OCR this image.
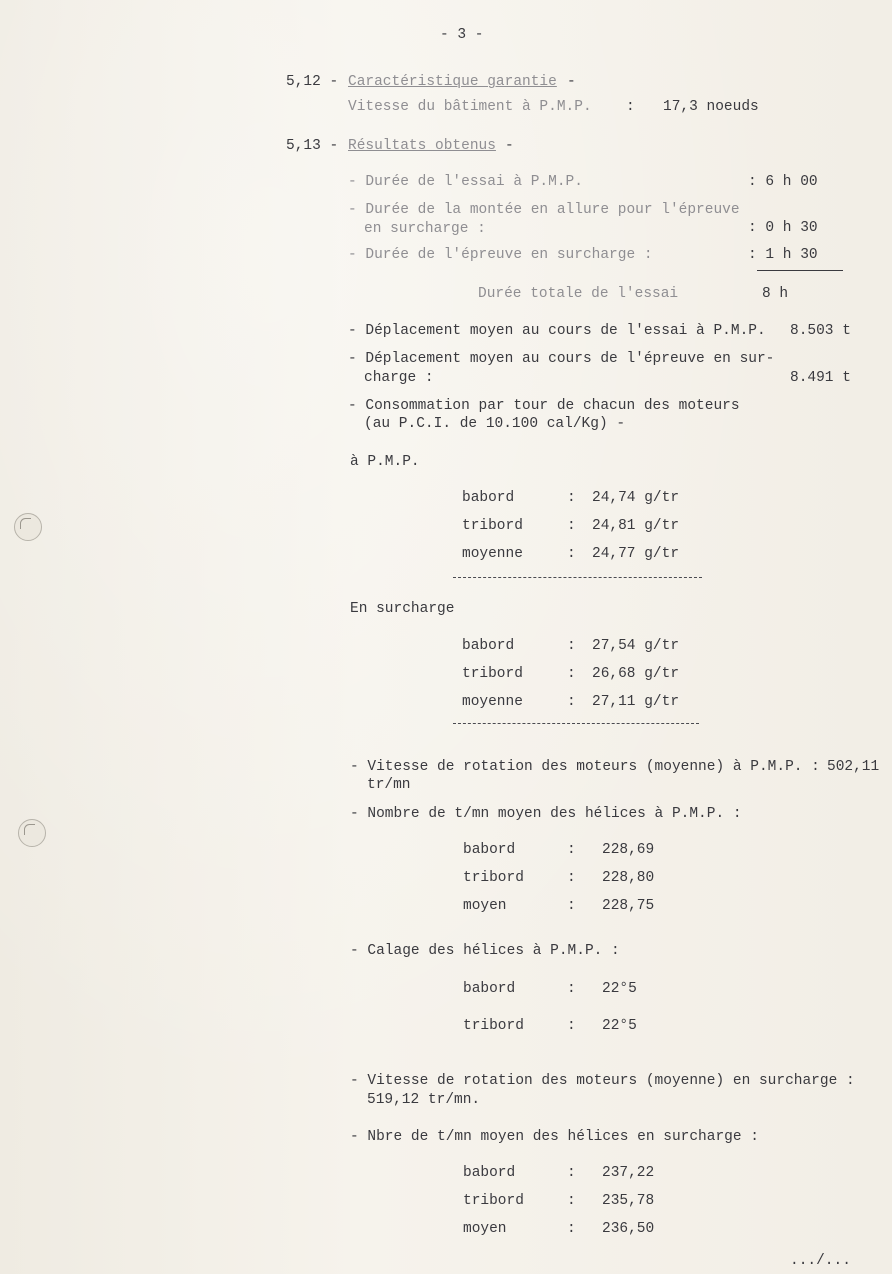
- 3 -
5,12 - Caractéristique garantie -
Vitesse du bâtiment à P.M.P. : 17,3 noeuds
5,13 - Résultats obtenus -
- Durée de l'essai à P.M.P.	: 6 h 00
- Durée de la montée en allure pour l'épreuve
en surcharge :	: 0 h 30
- Durée de l'épreuve en surcharge :	: 1 h 30
Durée totale de l'essai	8 h
- Déplacement moyen au cours de l'essai à P.M.P. 8.503 t
- Déplacement moyen au cours de l'épreuve en sur-
charge :	8.491 t
- Consommation par tour de chacun des moteurs
(au P.C.I. de 10.100 cal/Kg) -
à P.M.P.
babord	: 24,74 g/tr
tribord	: 24,81 g/tr
moyenne	: 24,77 g/tr
En surcharge
babord	: 27,54 g/tr
tribord	: 26,68 g/tr
moyenne	: 27,11 g/tr
- Vitesse de rotation des moteurs (moyenne) à P.M.P. : 502,11
tr/mn
- Nombre de t/mn moyen des hélices à P.M.P. :
babord	: 228,69
tribord	: 228,80
moyen	: 228,75
- Calage des hélices à P.M.P. :
babord	: 22°5
tribord	: 22°5
- Vitesse de rotation des moteurs (moyenne) en surcharge :
519,12 tr/mn.
- Nbre de t/mn moyen des hélices en surcharge :
babord	: 237,22
tribord	: 235,78
moyen	: 236,50
.../...
